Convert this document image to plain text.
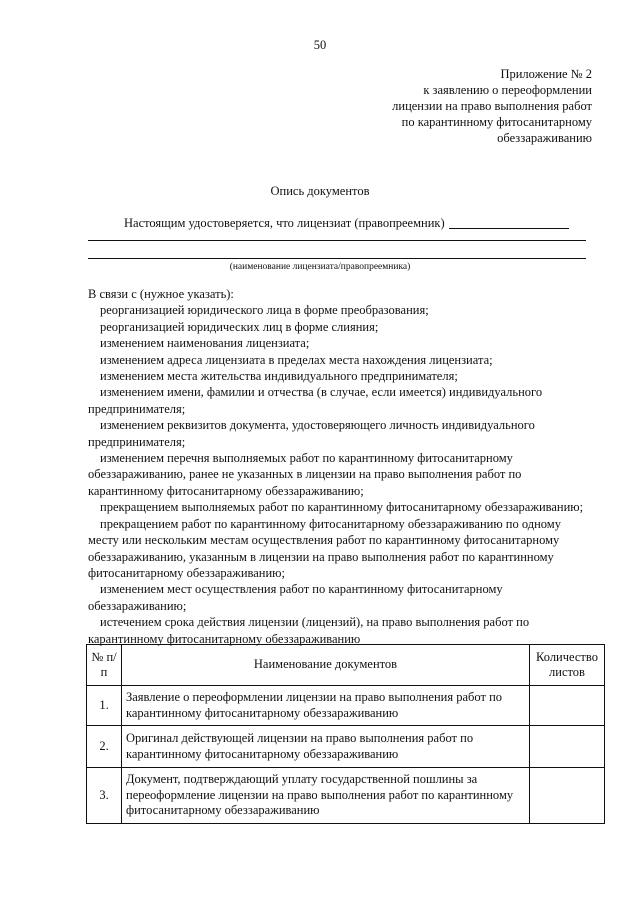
50
Приложение № 2
к заявлению о переоформлении
лицензии на право выполнения работ
по карантинному фитосанитарному
обеззараживанию
Опись документов
Настоящим удостоверяется, что лицензиат (правопреемник)
(наименование лицензиата/правопреемника)

В связи с (нужное указать):

реорганизацией юридического лица в форме преобразования;

реорганизацией юридических лиц в форме слияния;

изменением наименования лицензиата;

изменением адреса лицензиата в пределах места нахождения лицензиата;

изменением места жительства индивидуального предпринимателя;

изменением имени, фамилии и отчества (в случае, если имеется) индивидуального предпринимателя;

изменением реквизитов документа, удостоверяющего личность индивидуального предпринимателя;

изменением перечня выполняемых работ по карантинному фитосанитарному обеззараживанию, ранее не указанных в лицензии на право выполнения работ по карантинному фитосанитарному обеззараживанию;

прекращением выполняемых работ по карантинному фитосанитарному обеззараживанию;

прекращением работ по карантинному фитосанитарному обеззараживанию по одному месту или нескольким местам осуществления работ по карантинному фитосанитарному обеззараживанию, указанным в лицензии на право выполнения работ по карантинному фитосанитарному обеззараживанию;

изменением мест осуществления работ по карантинному фитосанитарному обеззараживанию;

истечением срока действия лицензии (лицензий), на право выполнения работ по карантинному фитосанитарному обеззараживанию

№ п/п	Наименование документов	Количество листов
1.	Заявление о переоформлении лицензии на право выполнения работ по карантинному фитосанитарному обеззараживанию	
2.	Оригинал действующей лицензии на право выполнения работ по карантинному фитосанитарному обеззараживанию	
3.	Документ, подтверждающий уплату государственной пошлины за переоформление лицензии на право выполнения работ по карантинному фитосанитарному обеззараживанию	
